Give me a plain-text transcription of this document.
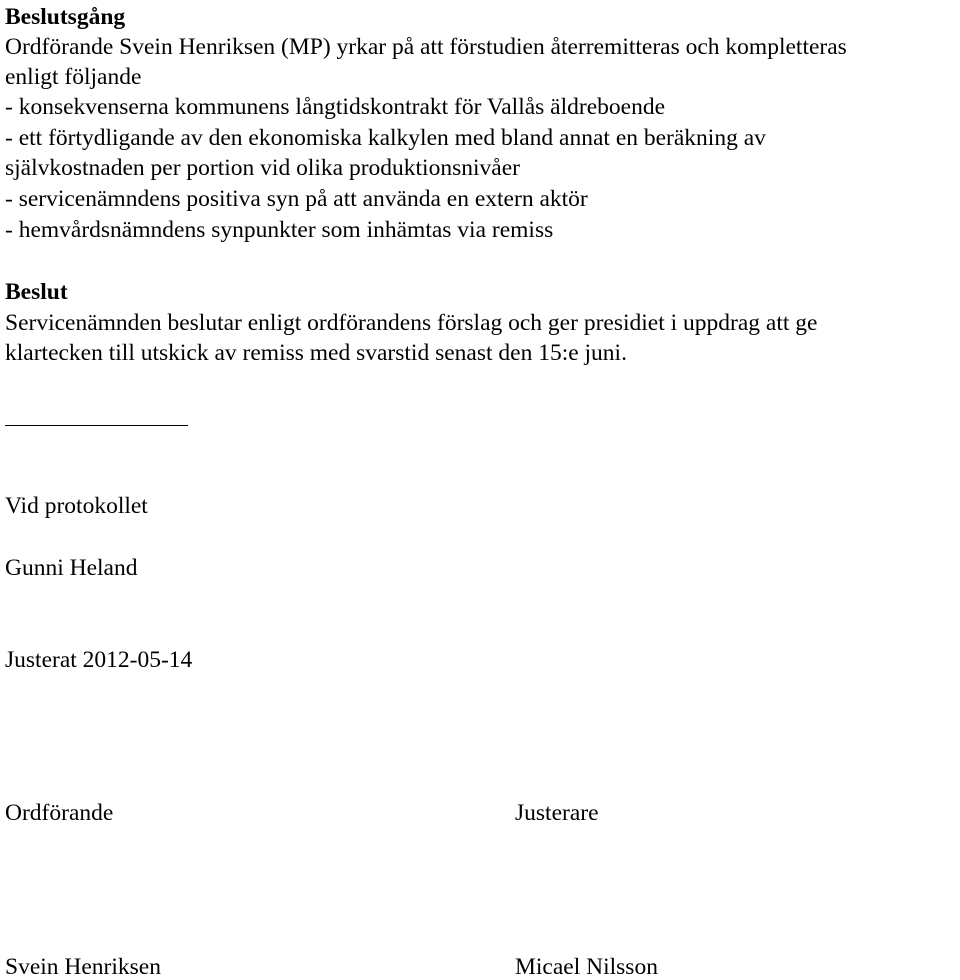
Beslutsgång
Ordförande Svein Henriksen (MP) yrkar på att förstudien återremitteras och kompletteras
enligt följande
- konsekvenserna kommunens långtidskontrakt för Vallås äldreboende
- ett förtydligande av den ekonomiska kalkylen med bland annat en beräkning av
självkostnaden per portion vid olika produktionsnivåer
- servicenämndens positiva syn på att använda en extern aktör
- hemvårdsnämndens synpunkter som inhämtas via remiss
Beslut
Servicenämnden beslutar enligt ordförandens förslag och ger presidiet i uppdrag att ge
klartecken till utskick av remiss med svarstid senast den 15:e juni.
Vid protokollet
Gunni Heland
Justerat 2012-05-14
Ordförande	Justerare
Svein Henriksen	Micael Nilsson
